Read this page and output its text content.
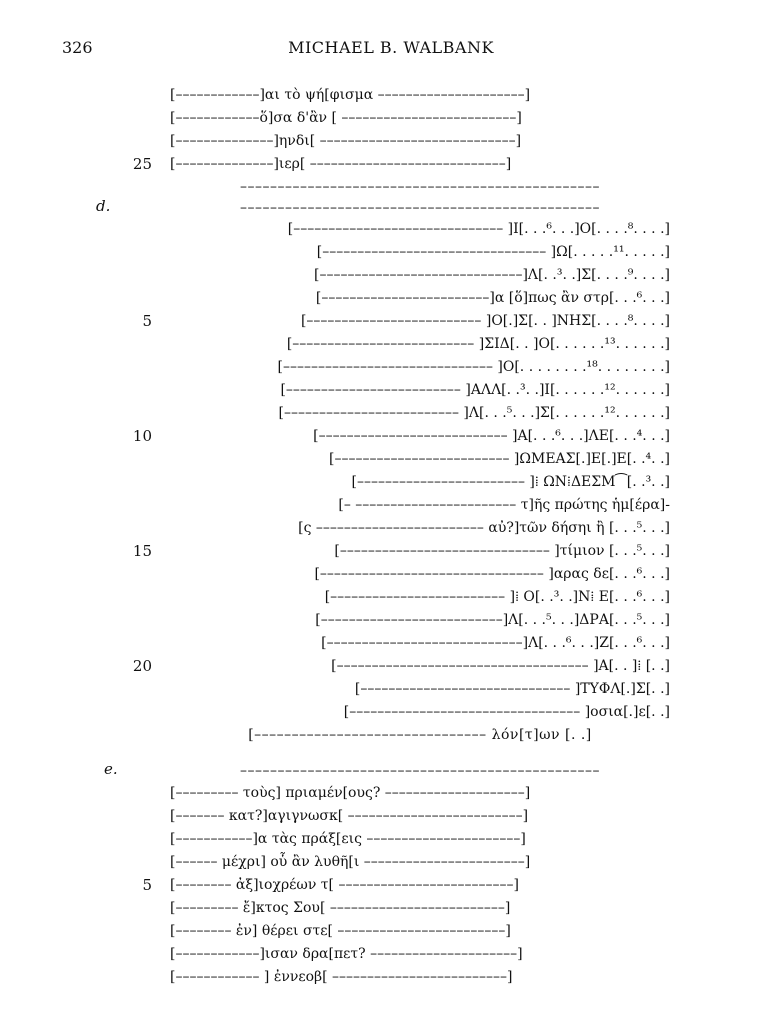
326	MICHAEL B. WALBANK
[––––––––––––]αι τὸ ψή[φισμα –––––––––––––––––––––]
[––––––––––––ὅ]σα δ'ἂν [ –––––––––––––––––––––––––]
[––––––––––––––]ηνδι[ ––––––––––––––––––––––––––––]
25 [––––––––––––––]ιερ[ ––––––––––––––––––––––––––––]
––––––––––––––––––––––––––––––––––––––––––––––––
d.	––––––––––––––––––––––––––––––––––––––––––––––––
[–––––––––––––––––––––––––––––– ]Ι[. . .⁶. . .]Ο[. . . .⁸. . . .]
[–––––––––––––––––––––––––––––––– ]Ω[. . . . .¹¹. . . . .]
[–––––––––––––––––––––––––––––]Λ[. .³. .]Σ[. . . .⁹. . . .]
[––––––––––––––––––––––––]α [ὅ]πως ἂν στρ[. . .⁶. . .]
5	[––––––––––––––––––––––––– ]Ο[.]Σ[. . ]ΝΗΣ[. . . .⁸. . . .]
[–––––––––––––––––––––––––– ]ΣΙΔ[. . ]Ο[. . . . . .¹³. . . . . .]
[–––––––––––––––––––––––––––––– ]Ο[. . . . . . . .¹⁸. . . . . . . .]
[––––––––––––––––––––––––– ]ΑΛΛ[. .³. .]Ι[. . . . . .¹². . . . . .]
[––––––––––––––––––––––––– ]Λ[. . .⁵. . .]Σ[. . . . . .¹². . . . . .]
10	[––––––––––––––––––––––––––– ]Α[. . .⁶. . .]ΛΕ[. . .⁴. . .]
[––––––––––––––––––––––––– ]ΩΜΕΑΣ[.]Ε[.]Ε[. .⁴. .]
[–––––––––––––––––––––––– ]⁞ ΩΝ⁞ΔΕΣΜ⁀[. .³. .]
[– ––––––––––––––––––––––– τ]ῆς πρώτης ἡμ[έρα]-
[ς –––––––––––––––––––––––– αὐ?]τῶν δήσηι ἢ [. . .⁵. . .]
15	[–––––––––––––––––––––––––––––– ]τίμιον [. . .⁵. . .]
[–––––––––––––––––––––––––––––––– ]αρας δε[. . .⁶. . .]
[––––––––––––––––––––––––– ]⁞ Ο[. .³. .]Ν⁞ Ε[. . .⁶. . .]
[––––––––––––––––––––––––––]Λ[. . .⁵. . .]ΔΡΑ[. . .⁵. . .]
[––––––––––––––––––––––––––––]Λ[. . .⁶. . .]Ζ[. . .⁶. . .]
20	[–––––––––––––––––––––––––––––––––––– ]Α[. . ]⁞ [. .]
[–––––––––––––––––––––––––––––– ]ΤΥΦΛ[.]Σ[. .]
[––––––––––––––––––––––––––––––––– ]οσια[.]ε[. .]
[––––––––––––––––––––––––––––––– λόν[τ]ων [. .]
e.	––––––––––––––––––––––––––––––––––––––––––––––––
[––––––––– τοὺς] πριαμέν[ους? ––––––––––––––––––––]
[––––––– κατ?]αγιγνωσκ[ –––––––––––––––––––––––––]
[–––––––––––]α τὰς πράξ[εις ––––––––––––––––––––––]
[–––––– μέχρι] οὗ ἂν λυθῆ[ι –––––––––––––––––––––––]
5 [–––––––– ἀξ]ιοχρέων τ[ –––––––––––––––––––––––––]
[––––––––– ἔ]κτος Σου[ –––––––––––––––––––––––––]
[–––––––– ἐν] θέρει στε[ ––––––––––––––––––––––––]
[––––––––––––]ισαν δρα[πετ? –––––––––––––––––––––]
[–––––––––––– ] ἐννεοβ[ –––––––––––––––––––––––––]
